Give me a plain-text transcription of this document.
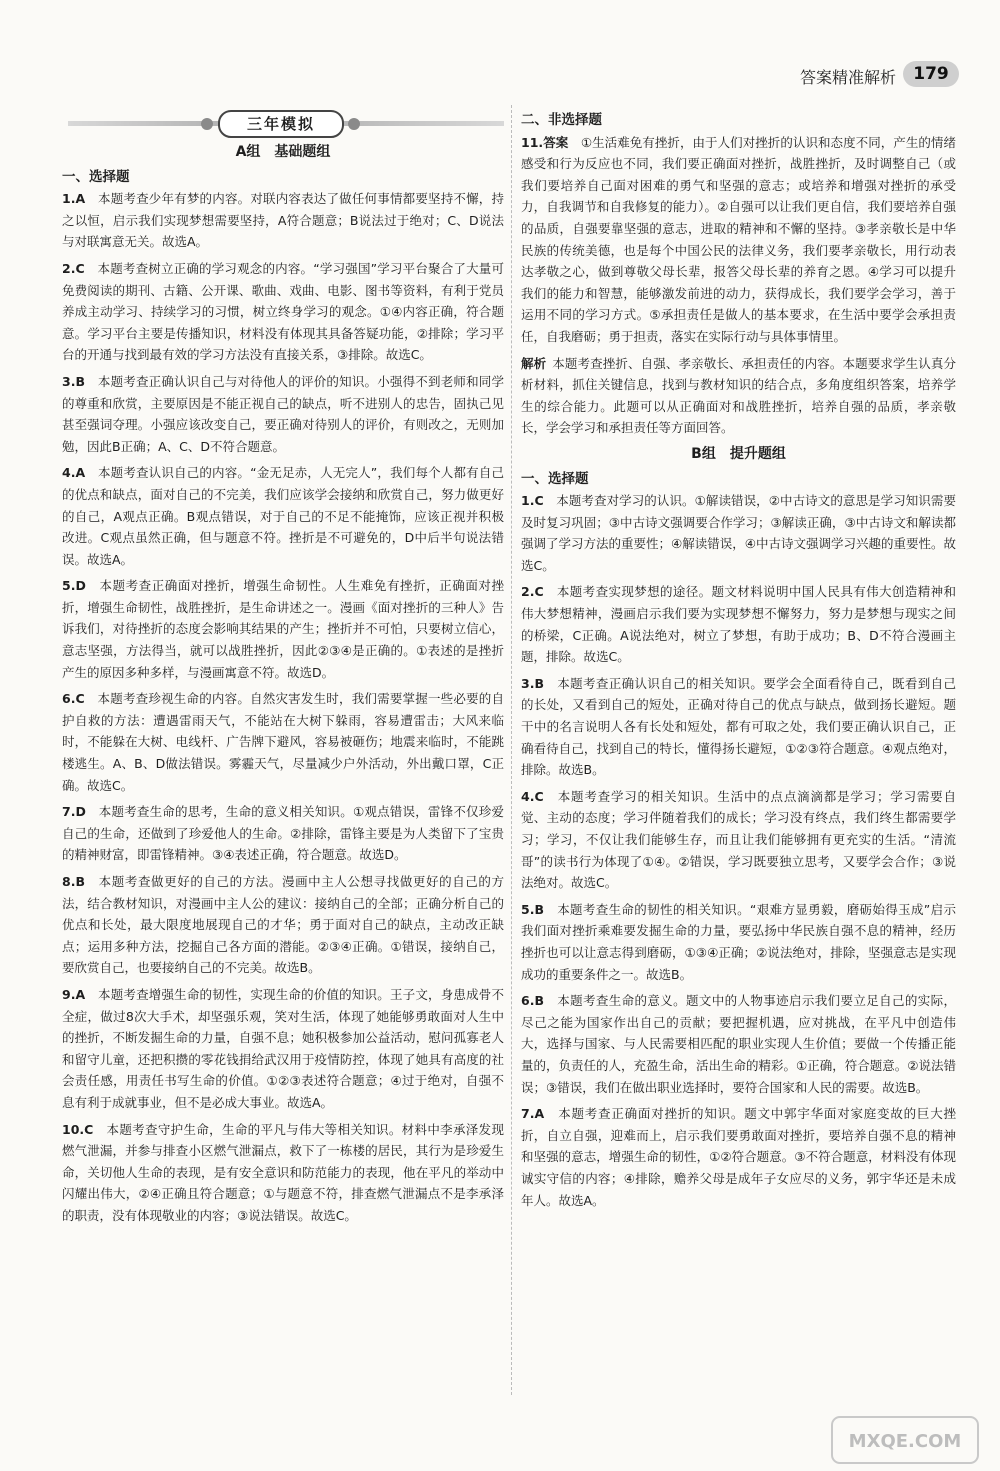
答案精准解析	179
三年模拟
A组　基础题组
一、选择题
1.A　 本题考查少年有梦的内容。对联内容表达了做任何事情都要坚持不懈，持之以恒，启示我们实现梦想需要坚持，A符合题意；B说法过于绝对；C、D说法与对联寓意无关。故选A。
2.C　 本题考查树立正确的学习观念的内容。“学习强国”学习平台聚合了大量可免费阅读的期刊、古籍、公开课、歌曲、戏曲、电影、图书等资料，有利于党员养成主动学习、持续学习的习惯，树立终身学习的观念。①④内容正确，符合题意。学习平台主要是传播知识，材料没有体现其具备答疑功能，②排除；学习平台的开通与找到最有效的学习方法没有直接关系，③排除。故选C。
3.B　 本题考查正确认识自己与对待他人的评价的知识。小强得不到老师和同学的尊重和欣赏，主要原因是不能正视自己的缺点，听不进别人的忠告，固执己见甚至强词夺理。小强应该改变自己，要正确对待别人的评价，有则改之，无则加勉，因此B正确；A、C、D不符合题意。
4.A　 本题考查认识自己的内容。“金无足赤，人无完人”，我们每个人都有自己的优点和缺点，面对自己的不完美，我们应该学会接纳和欣赏自己，努力做更好的自己，A观点正确。B观点错误，对于自己的不足不能掩饰，应该正视并积极改进。C观点虽然正确，但与题意不符。挫折是不可避免的，D中后半句说法错误。故选A。
5.D　 本题考查正确面对挫折，增强生命韧性。人生难免有挫折，正确面对挫折，增强生命韧性，战胜挫折，是生命讲述之一。漫画《面对挫折的三种人》告诉我们，对待挫折的态度会影响其结果的产生；挫折并不可怕，只要树立信心，意志坚强，方法得当，就可以战胜挫折，因此②③④是正确的。①表述的是挫折产生的原因多种多样，与漫画寓意不符。故选D。
6.C　 本题考查珍视生命的内容。自然灾害发生时，我们需要掌握一些必要的自护自救的方法：遭遇雷雨天气，不能站在大树下躲雨，容易遭雷击；大风来临时，不能躲在大树、电线杆、广告牌下避风，容易被砸伤；地震来临时，不能跳楼逃生。A、B、D做法错误。雾霾天气，尽量减少户外活动，外出戴口罩，C正确。故选C。
7.D　 本题考查生命的思考，生命的意义相关知识。①观点错误，雷锋不仅珍爱自己的生命，还做到了珍爱他人的生命。②排除，雷锋主要是为人类留下了宝贵的精神财富，即雷锋精神。③④表述正确，符合题意。故选D。
8.B　 本题考查做更好的自己的方法。漫画中主人公想寻找做更好的自己的方法，结合教材知识，对漫画中主人公的建议：接纳自己的全部；正确分析自己的优点和长处，最大限度地展现自己的才华；勇于面对自己的缺点，主动改正缺点；运用多种方法，挖掘自己各方面的潜能。②③④正确。①错误，接纳自己，要欣赏自己，也要接纳自己的不完美。故选B。
9.A　 本题考查增强生命的韧性，实现生命的价值的知识。王子文，身患成骨不全症，做过8次大手术，却坚强乐观，笑对生活，体现了她能够勇敢面对人生中的挫折，不断发掘生命的力量，自强不息；她积极参加公益活动，慰问孤寡老人和留守儿童，还把积攒的零花钱捐给武汉用于疫情防控，体现了她具有高度的社会责任感，用责任书写生命的价值。①②③表述符合题意；④过于绝对，自强不息有利于成就事业，但不是必成大事业。故选A。
10.C　 本题考查守护生命，生命的平凡与伟大等相关知识。材料中李承泽发现燃气泄漏，并参与排查小区燃气泄漏点，救下了一栋楼的居民，其行为是珍爱生命，关切他人生命的表现，是有安全意识和防范能力的表现，他在平凡的举动中闪耀出伟大，②④正确且符合题意；①与题意不符，排查燃气泄漏点不是李承泽的职责，没有体现敬业的内容；③说法错误。故选C。
二、非选择题
11.答案　 ①生活难免有挫折，由于人们对挫折的认识和态度不同，产生的情绪感受和行为反应也不同，我们要正确面对挫折，战胜挫折，及时调整自己（或我们要培养自己面对困难的勇气和坚强的意志；或培养和增强对挫折的承受力，自我调节和自我修复的能力）。②自强可以让我们更自信，我们要培养自强的品质，自强要靠坚强的意志，进取的精神和不懈的坚持。③孝亲敬长是中华民族的传统美德，也是每个中国公民的法律义务，我们要孝亲敬长，用行动表达孝敬之心，做到尊敬父母长辈，报答父母长辈的养育之恩。④学习可以提升我们的能力和智慧，能够激发前进的动力，获得成长，我们要学会学习，善于运用不同的学习方式。⑤承担责任是做人的基本要求，在生活中要学会承担责任，自我磨砺；勇于担责，落实在实际行动与具体事情里。
解析 本题考查挫折、自强、孝亲敬长、承担责任的内容。本题要求学生认真分析材料，抓住关键信息，找到与教材知识的结合点，多角度组织答案，培养学生的综合能力。此题可以从正确面对和战胜挫折，培养自强的品质，孝亲敬长，学会学习和承担责任等方面回答。
B组　提升题组
一、选择题
1.C　 本题考查对学习的认识。①解读错误，②中古诗文的意思是学习知识需要及时复习巩固；③中古诗文强调要合作学习；③解读正确，③中古诗文和解读都强调了学习方法的重要性；④解读错误，④中古诗文强调学习兴趣的重要性。故选C。
2.C　 本题考查实现梦想的途径。题文材料说明中国人民具有伟大创造精神和伟大梦想精神，漫画启示我们要为实现梦想不懈努力，努力是梦想与现实之间的桥梁，C正确。A说法绝对，树立了梦想，有助于成功；B、D不符合漫画主题，排除。故选C。
3.B　 本题考查正确认识自己的相关知识。要学会全面看待自己，既看到自己的长处，又看到自己的短处，正确对待自己的优点与缺点，做到扬长避短。题干中的名言说明人各有长处和短处，都有可取之处，我们要正确认识自己，正确看待自己，找到自己的特长，懂得扬长避短，①②③符合题意。④观点绝对，排除。故选B。
4.C　 本题考查学习的相关知识。生活中的点点滴滴都是学习；学习需要自觉、主动的态度；学习伴随着我们的成长；学习没有终点，我们终生都需要学习；学习，不仅让我们能够生存，而且让我们能够拥有更充实的生活。“清流哥”的读书行为体现了①④。②错误，学习既要独立思考，又要学会合作；③说法绝对。故选C。
5.B　 本题考查生命的韧性的相关知识。“艰难方显勇毅，磨砺始得玉成”启示我们面对挫折乘难要发掘生命的力量，要弘扬中华民族自强不息的精神，经历挫折也可以让意志得到磨砺，①③④正确；②说法绝对，排除，坚强意志是实现成功的重要条件之一。故选B。
6.B　 本题考查生命的意义。题文中的人物事迹启示我们要立足自己的实际，尽己之能为国家作出自己的贡献；要把握机遇，应对挑战，在平凡中创造伟大，选择与国家、与人民需要相匹配的职业实现人生价值；要做一个传播正能量的，负责任的人，充盈生命，活出生命的精彩。①正确，符合题意。②说法错误；③错误，我们在做出职业选择时，要符合国家和人民的需要。故选B。
7.A　 本题考查正确面对挫折的知识。题文中郭宇华面对家庭变故的巨大挫折，自立自强，迎难而上，启示我们要勇敢面对挫折，要培养自强不息的精神和坚强的意志，增强生命的韧性，①②符合题意。③不符合题意，材料没有体现诚实守信的内容；④排除，赡养父母是成年子女应尽的义务，郭宇华还是未成年人。故选A。
MXQE.COM
